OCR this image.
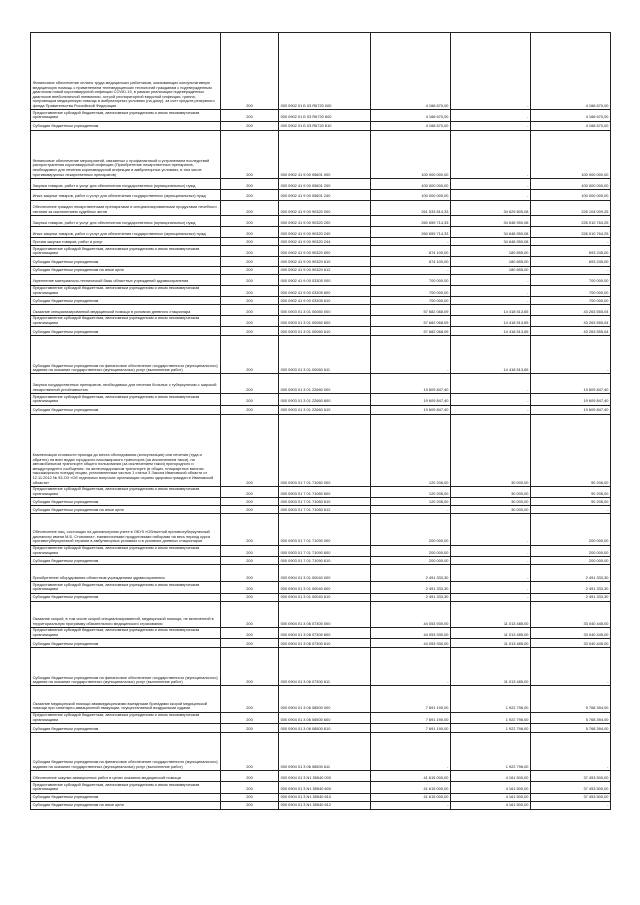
Финансовое обеспечение оплаты труда медицинских работников, оказывающих консультативную медицинскую помощь с применением телемедицинских технологий гражданам с подтвержденным диагнозом новой коронавирусной инфекции COVID-19, в рамках реализации подтвержденных диагнозов внебольничной пневмонии, острой респираторной вирусной инфекции, гриппа, получающим медицинскую помощь в амбулаторных условиях (на дому), за счет средств резервного фонда Правительства Российской Федерации	200	000 0902 01 Б 03 R6720 000	4 168 670,00	-	4 168 670,00
Предоставление субсидий бюджетным, автономным учреждениям и иным некоммерческим организациям	200	000 0902 01 Б 03 R6720 600	4 168 670,00	-	4 168 670,00
Субсидии бюджетным учреждениям	200	000 0902 01 Б 03 R6720 610	4 168 670,00	-	4 168 670,00
Финансовое обеспечение мероприятий, связанных с профилактикой и устранением последствий распространения коронавирусной инфекции (Приобретение лекарственных препаратов, необходимых для лечения коронавирусной инфекции в амбулаторных условиях, в том числе противовирусных лекарственных препаратов)	200	000 0902 41 9 00 05601 000	100 000 000,00	-	100 000 000,00
Закупка товаров, работ и услуг для обеспечения государственных (муниципальных) нужд	200	000 0902 41 9 00 05601 200	100 000 000,00	-	100 000 000,00
Иные закупки товаров, работ и услуг для обеспечения государственных (муниципальных) нужд	200	000 0902 41 9 00 05601 240	100 000 000,00	-	100 000 000,00
Обеспечение граждан лекарственными препаратами и специализированными продуктами лечебного питания за исключением судебных актов	200	000 0902 41 9 00 90320 000	261 533 814,33	34 629 805,08	226 104 009,25
Закупка товаров, работ и услуг для обеспечения государственных (муниципальных) нужд	200	000 0902 41 9 00 90320 200	260 659 714,33	34 648 950,08	226 010 764,25
Иные закупки товаров, работ и услуг для обеспечения государственных (муниципальных) нужд	200	000 0902 41 9 00 90320 240	260 659 714,33	34 648 950,08	226 010 764,25
Прочая закупка товаров, работ и услуг	200	000 0902 41 9 00 90320 244	-	34 648 950,08	-
Предоставление субсидий бюджетным, автономным учреждениям и иным некоммерческим организациям	200	000 0902 41 9 00 90320 600	874 100,00	180 855,00	693 245,00
Субсидии бюджетным учреждениям	200	000 0902 41 9 00 90320 610	874 100,00	180 855,00	693 245,00
Субсидии бюджетным учреждениям на иные цели	200	000 0902 41 9 00 90320 612	-	180 855,00	-
Укрепление материально-технической базы областных учреждений здравоохранения	200	000 0902 41 9 00 03305 000	700 000,00	-	700 000,00
Предоставление субсидий бюджетным, автономным учреждениям и иным некоммерческим организациям	200	000 0902 41 9 00 03305 600	700 000,00	-	700 000,00
Субсидии бюджетным учреждениям	200	000 0902 41 9 00 03305 610	700 000,00	-	700 000,00
Оказание специализированной медицинской помощи в условиях дневного стационара	200	000 0903 01 3 01 00060 000	57 682 068,09	14 418 513,65	43 263 555,04
Предоставление субсидий бюджетным, автономным учреждениям и иным некоммерческим организациям	200	000 0903 01 3 01 00060 600	57 682 068,09	14 418 513,65	43 263 555,04
Субсидии бюджетным учреждениям	200	000 0903 01 3 01 00060 610	57 682 068,09	14 418 513,65	43 263 555,04
Субсидии бюджетным учреждениям на финансовое обеспечение государственного (муниципального) задания на оказание государственных (муниципальных) услуг (выполнение работ)	200	000 0903 01 3 01 00060 611	-	14 418 513,65	-
Закупка государственных препаратов, необходимых для лечения больных с туберкулезом с широкой лекарственной устойчивостью	200	000 0903 01 3 01 22660 000	19 609 847,40	-	19 609 847,40
Предоставление субсидий бюджетным, автономным учреждениям и иным некоммерческим организациям	200	000 0903 01 3 01 22660 600	19 609 847,40	-	19 609 847,40
Субсидии бюджетным учреждениям	200	000 0903 01 3 01 22660 610	19 609 847,40	-	19 609 847,40
Компенсация стоимости проезда до места обследования (консультации) или лечения (туда и обратно) на всех видах городского пассажирского транспорта (за исключением такси), на автомобильном транспорте общего пользования (за исключением такси) пригородного и междугороднего сообщения, на железнодорожном транспорте (в общих, плацкартных вагонах пассажирского поезда) лицам, установленным частью 1 статьи 3 Закона Ивановской области от 12.11.2012 № 93-ОЗ «Об отдельных вопросах организации охраны здоровья граждан в Ивановской области»	200	000 0903 01 7 01 71060 000	120 206,00	30 000,00	90 206,00
Предоставление субсидий бюджетным, автономным учреждениям и иным некоммерческим организациям	200	000 0903 01 7 01 71060 600	120 206,00	30 000,00	90 206,00
Субсидии бюджетным учреждениям	200	000 0903 01 7 01 71060 610	120 206,00	30 000,00	90 206,00
Субсидии бюджетным учреждениям на иные цели	200	000 0903 01 7 01 71060 612	-	30 000,00	-
Обеспечение лиц, состоящих на диспансерном учете в ОБУЗ «Областной противотуберкулезный диспансер имени М.Б. Стоюнина», ежемесячными продуктовыми наборами на весь период курса противотуберкулезной терапии в амбулаторных условиях и в условиях дневных стационаров	200	000 0903 01 7 01 71090 000	200 000,00	-	200 000,00
Предоставление субсидий бюджетным, автономным учреждениям и иным некоммерческим организациям	200	000 0903 01 7 01 71090 600	200 000,00	-	200 000,00
Субсидии бюджетным учреждениям	200	000 0903 01 7 01 71090 610	200 000,00	-	200 000,00
Приобретение оборудования областным учреждениям здравоохранения	200	000 0904 01 3 01 00040 000	2 491 333,30	-	2 491 333,30
Предоставление субсидий бюджетным, автономным учреждениям и иным некоммерческим организациям	200	000 0904 01 3 01 00040 600	2 491 333,30	-	2 491 333,30
Субсидии бюджетным учреждениям	200	000 0904 01 3 01 00040 610	2 491 333,30	-	2 491 333,30
Оказание скорой, в том числе скорой специализированной, медицинской помощи, не включенной в территориальную программу обязательного медицинского страхования	200	000 0904 01 3 06 07300 000	44 053 930,00	11 013 485,00	33 040 445,00
Предоставление субсидий бюджетным, автономным учреждениям и иным некоммерческим организациям	200	000 0904 01 3 06 07300 600	44 053 930,00	11 013 485,00	33 040 445,00
Субсидии бюджетным учреждениям	200	000 0904 01 3 06 07300 610	44 053 930,00	11 013 485,00	33 040 445,00
Субсидии бюджетным учреждениям на финансовое обеспечение государственного (муниципального) задания на оказание государственных (муниципальных) услуг (выполнение работ)	200	000 0904 01 3 06 07300 611	-	11 013 485,00	-
Оказание медицинской помощи авиамедицинскими выездными бригадами скорой медицинской помощи при санитарно-авиационной эвакуации, осуществляемой воздушными судами	200	000 0904 01 3 06 08500 000	7 691 190,00	1 922 796,00	5 768 394,00
Предоставление субсидий бюджетным, автономным учреждениям и иным некоммерческим организациям	200	000 0904 01 3 06 08500 600	7 691 190,00	1 922 796,00	5 768 394,00
Субсидии бюджетным учреждениям	200	000 0904 01 3 06 08500 610	7 691 190,00	1 922 796,00	5 768 394,00
Субсидии бюджетным учреждениям на финансовое обеспечение государственного (муниципального) задания на оказание государственных (муниципальных) услуг (выполнение работ)	200	000 0904 01 3 06 08500 611	-	1 922 796,00	-
Обеспечение закупки авиационных работ в целях оказания медицинской помощи	200	000 0904 01 3 N1 55540 000	41 615 000,00	4 161 500,00	37 453 500,00
Предоставление субсидий бюджетным, автономным учреждениям и иным некоммерческим организациям	200	000 0904 01 3 N1 55540 600	41 615 000,00	4 161 500,00	37 453 500,00
Субсидии бюджетным учреждениям	200	000 0904 01 3 N1 55540 610	41 615 000,00	4 161 500,00	37 453 500,00
Субсидии бюджетным учреждениям на иные цели	200	000 0904 01 3 N1 55540 612	-	4 161 500,00	-
